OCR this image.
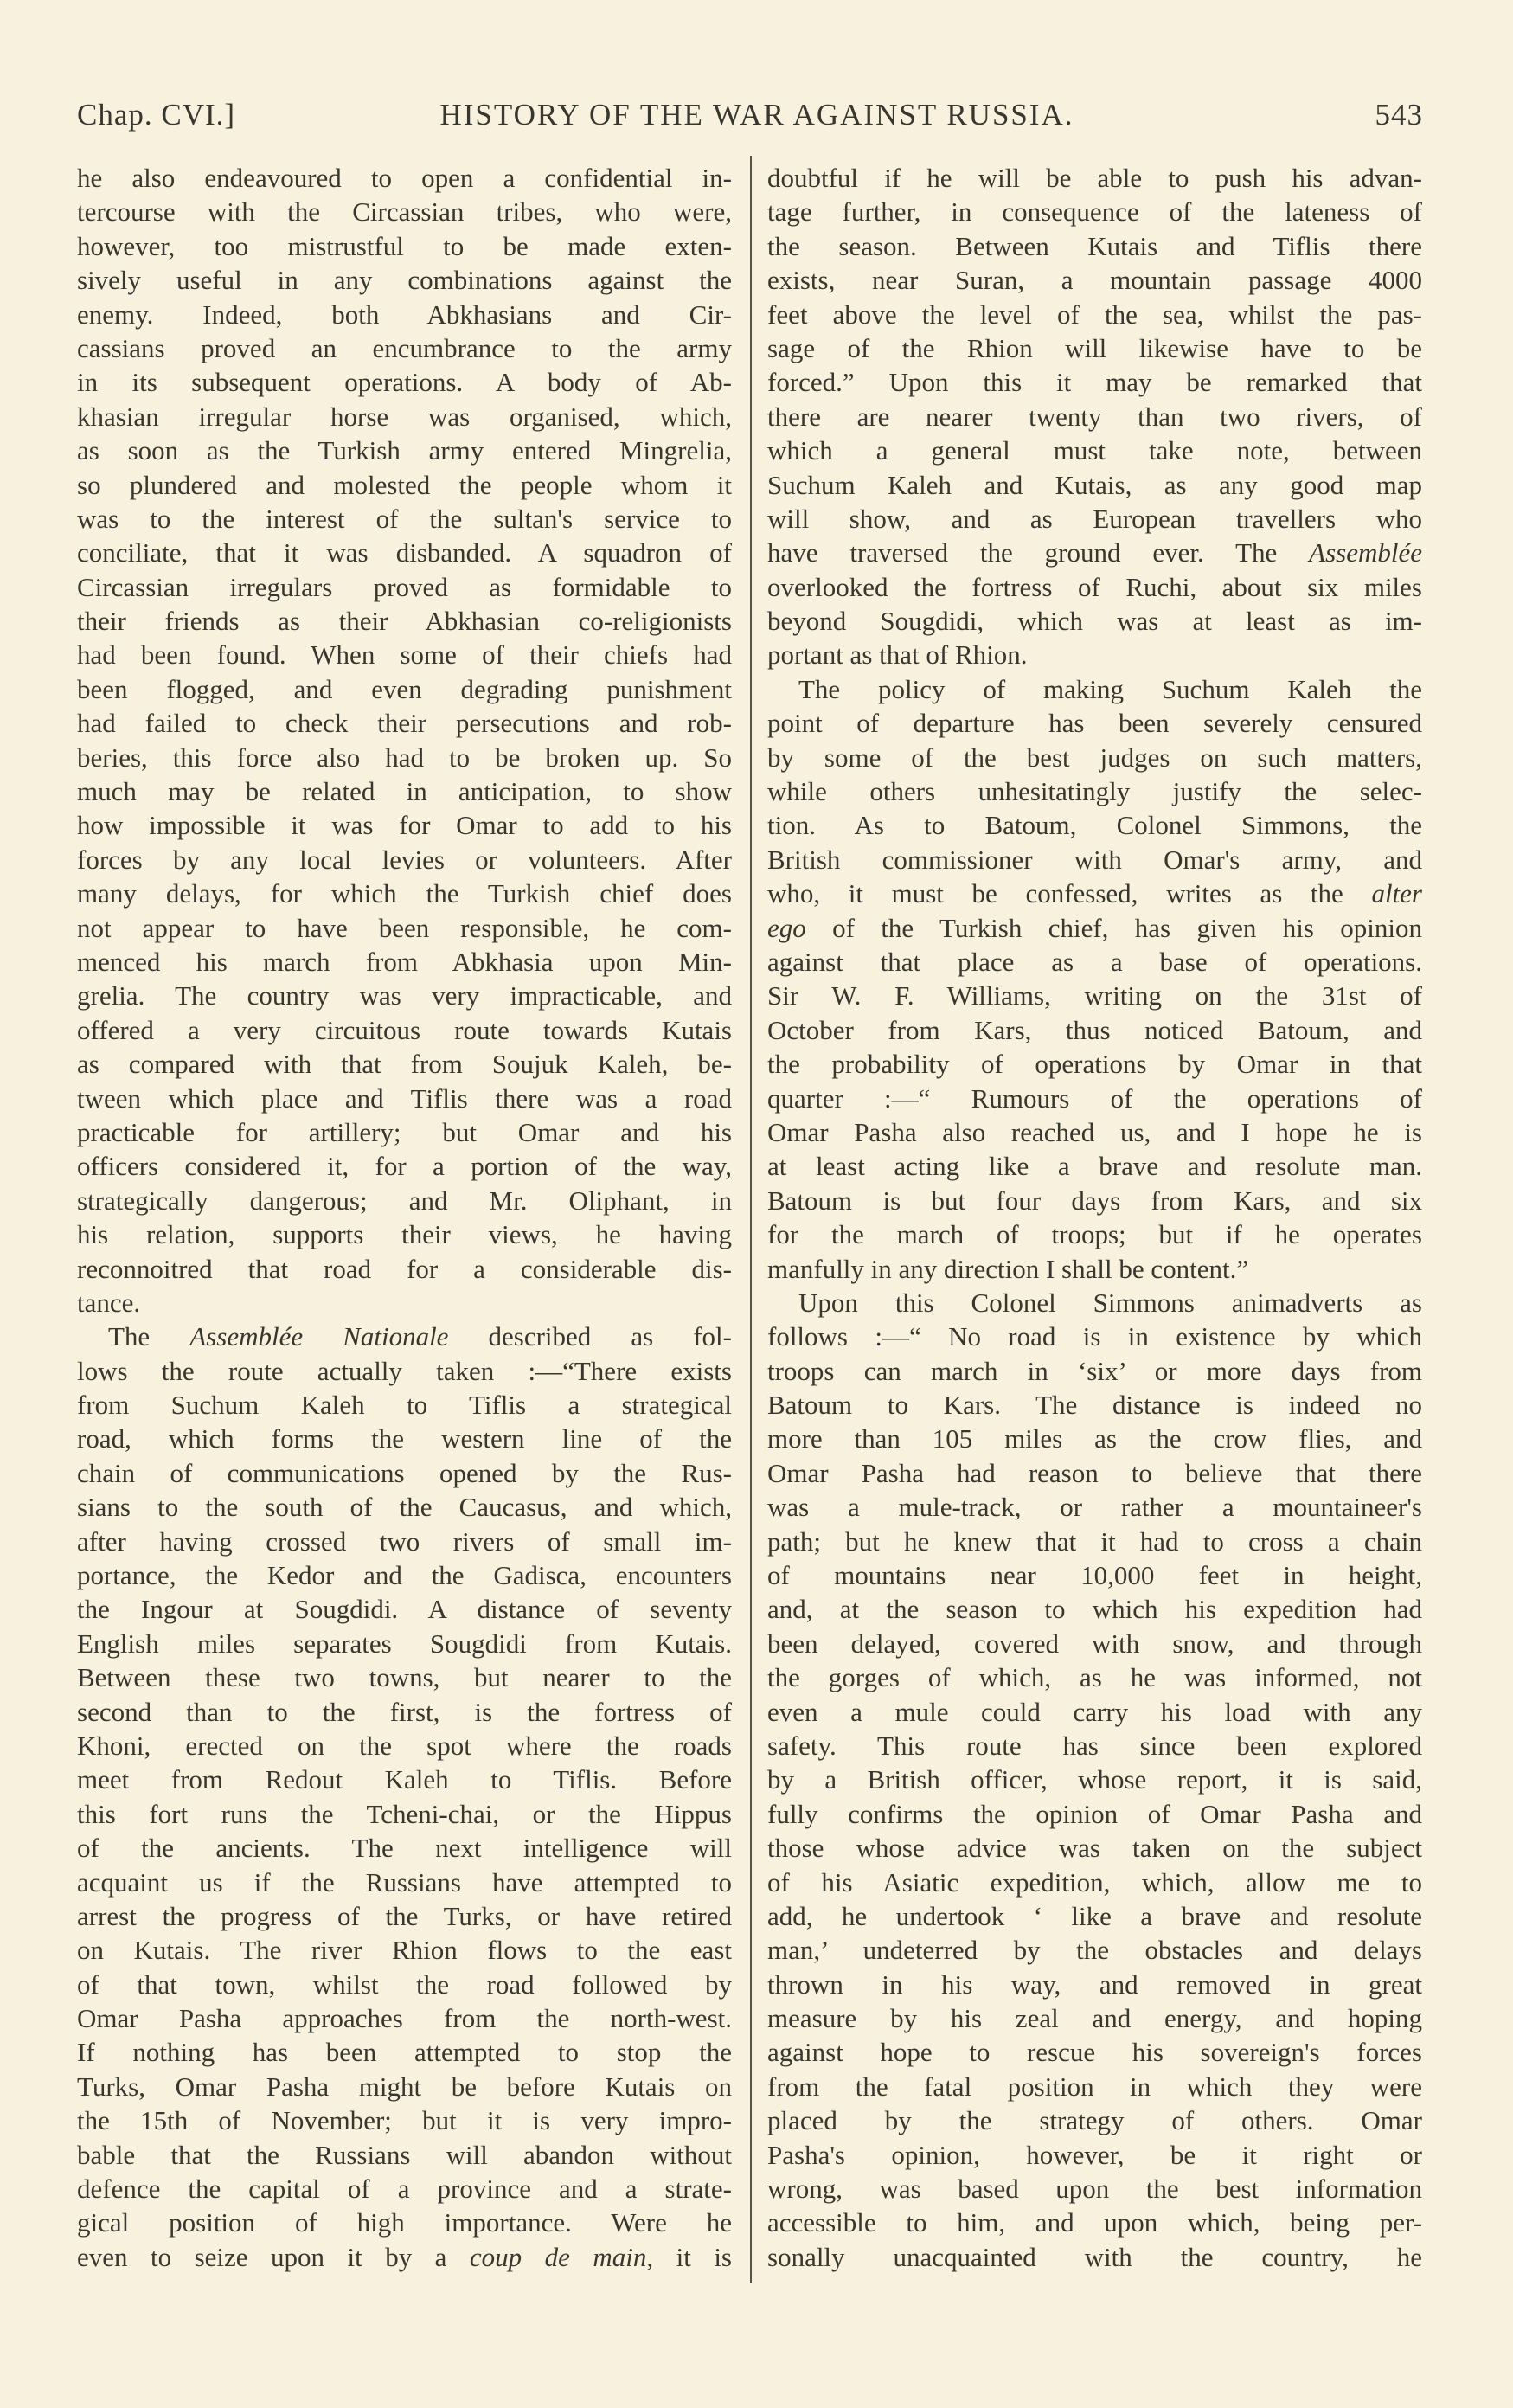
Chap. CVI.]	HISTORY OF THE WAR AGAINST RUSSIA.	543
he also endeavoured to open a confidential in-
tercourse with the Circassian tribes, who were,
however, too mistrustful to be made exten-
sively useful in any combinations against the
enemy. Indeed, both Abkhasians and Cir-
cassians proved an encumbrance to the army
in its subsequent operations. A body of Ab-
khasian irregular horse was organised, which,
as soon as the Turkish army entered Mingrelia,
so plundered and molested the people whom it
was to the interest of the sultan's service to
conciliate, that it was disbanded. A squadron of
Circassian irregulars proved as formidable to
their friends as their Abkhasian co-religionists
had been found. When some of their chiefs had
been flogged, and even degrading punishment
had failed to check their persecutions and rob-
beries, this force also had to be broken up. So
much may be related in anticipation, to show
how impossible it was for Omar to add to his
forces by any local levies or volunteers. After
many delays, for which the Turkish chief does
not appear to have been responsible, he com-
menced his march from Abkhasia upon Min-
grelia. The country was very impracticable, and
offered a very circuitous route towards Kutais
as compared with that from Soujuk Kaleh, be-
tween which place and Tiflis there was a road
practicable for artillery; but Omar and his
officers considered it, for a portion of the way,
strategically dangerous; and Mr. Oliphant, in
his relation, supports their views, he having
reconnoitred that road for a considerable dis-
tance.
The Assemblée Nationale described as fol-
lows the route actually taken :—“There exists
from Suchum Kaleh to Tiflis a strategical
road, which forms the western line of the
chain of communications opened by the Rus-
sians to the south of the Caucasus, and which,
after having crossed two rivers of small im-
portance, the Kedor and the Gadisca, encounters
the Ingour at Sougdidi. A distance of seventy
English miles separates Sougdidi from Kutais.
Between these two towns, but nearer to the
second than to the first, is the fortress of
Khoni, erected on the spot where the roads
meet from Redout Kaleh to Tiflis. Before
this fort runs the Tcheni-chai, or the Hippus
of the ancients. The next intelligence will
acquaint us if the Russians have attempted to
arrest the progress of the Turks, or have retired
on Kutais. The river Rhion flows to the east
of that town, whilst the road followed by
Omar Pasha approaches from the north-west.
If nothing has been attempted to stop the
Turks, Omar Pasha might be before Kutais on
the 15th of November; but it is very impro-
bable that the Russians will abandon without
defence the capital of a province and a strate-
gical position of high importance. Were he
even to seize upon it by a coup de main, it is
doubtful if he will be able to push his advan-
tage further, in consequence of the lateness of
the season. Between Kutais and Tiflis there
exists, near Suran, a mountain passage 4000
feet above the level of the sea, whilst the pas-
sage of the Rhion will likewise have to be
forced.” Upon this it may be remarked that
there are nearer twenty than two rivers, of
which a general must take note, between
Suchum Kaleh and Kutais, as any good map
will show, and as European travellers who
have traversed the ground ever. The Assemblée
overlooked the fortress of Ruchi, about six miles
beyond Sougdidi, which was at least as im-
portant as that of Rhion.
The policy of making Suchum Kaleh the
point of departure has been severely censured
by some of the best judges on such matters,
while others unhesitatingly justify the selec-
tion. As to Batoum, Colonel Simmons, the
British commissioner with Omar's army, and
who, it must be confessed, writes as the alter
ego of the Turkish chief, has given his opinion
against that place as a base of operations.
Sir W. F. Williams, writing on the 31st of
October from Kars, thus noticed Batoum, and
the probability of operations by Omar in that
quarter :—“ Rumours of the operations of
Omar Pasha also reached us, and I hope he is
at least acting like a brave and resolute man.
Batoum is but four days from Kars, and six
for the march of troops; but if he operates
manfully in any direction I shall be content.”
Upon this Colonel Simmons animadverts as
follows :—“ No road is in existence by which
troops can march in ‘six’ or more days from
Batoum to Kars. The distance is indeed no
more than 105 miles as the crow flies, and
Omar Pasha had reason to believe that there
was a mule-track, or rather a mountaineer's
path; but he knew that it had to cross a chain
of mountains near 10,000 feet in height,
and, at the season to which his expedition had
been delayed, covered with snow, and through
the gorges of which, as he was informed, not
even a mule could carry his load with any
safety. This route has since been explored
by a British officer, whose report, it is said,
fully confirms the opinion of Omar Pasha and
those whose advice was taken on the subject
of his Asiatic expedition, which, allow me to
add, he undertook ‘ like a brave and resolute
man,’ undeterred by the obstacles and delays
thrown in his way, and removed in great
measure by his zeal and energy, and hoping
against hope to rescue his sovereign's forces
from the fatal position in which they were
placed by the strategy of others. Omar
Pasha's opinion, however, be it right or
wrong, was based upon the best information
accessible to him, and upon which, being per-
sonally unacquainted with the country, he
